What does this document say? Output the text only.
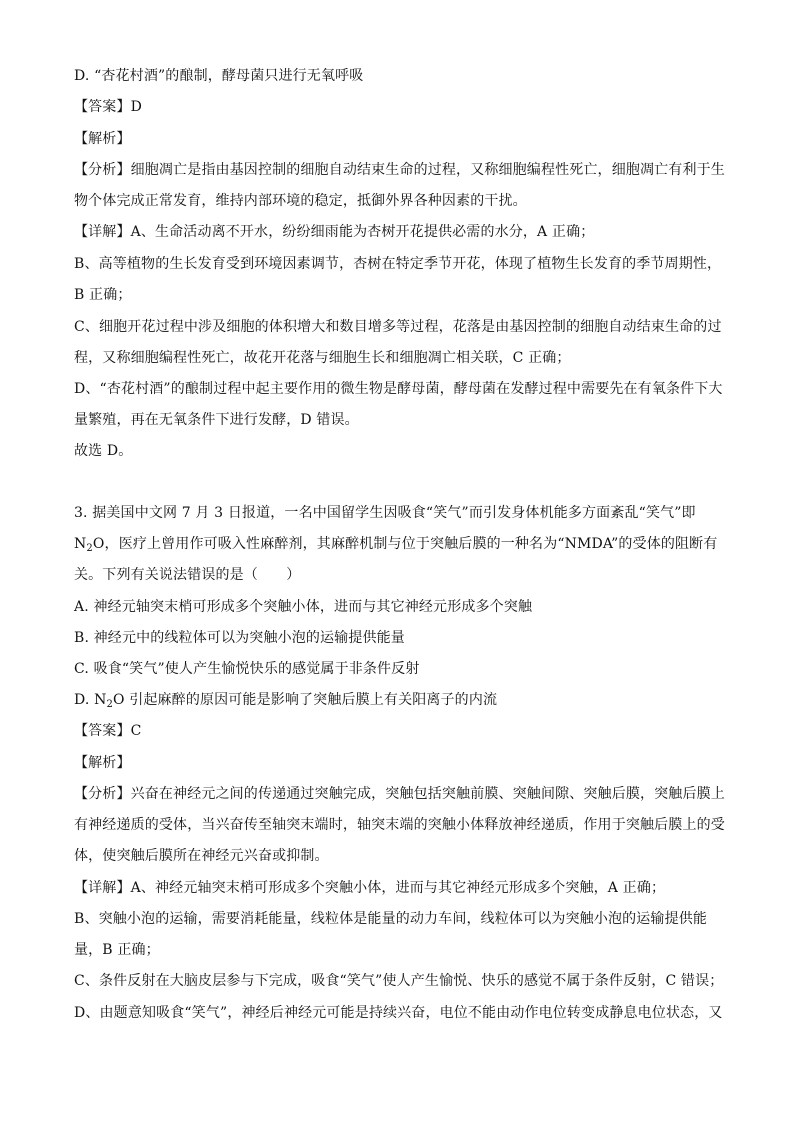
D. “杏花村酒”的酿制，酵母菌只进行无氧呼吸
【答案】D
【解析】
【分析】细胞凋亡是指由基因控制的细胞自动结束生命的过程，又称细胞编程性死亡，细胞凋亡有利于生
物个体完成正常发育，维持内部环境的稳定，抵御外界各种因素的干扰。
【详解】A、生命活动离不开水，纷纷细雨能为杏树开花提供必需的水分，A 正确；
B、高等植物的生长发育受到环境因素调节，杏树在特定季节开花，体现了植物生长发育的季节周期性，
B 正确；
C、细胞开花过程中涉及细胞的体积增大和数目增多等过程，花落是由基因控制的细胞自动结束生命的过
程，又称细胞编程性死亡，故花开花落与细胞生长和细胞凋亡相关联，C 正确；
D、“杏花村酒”的酿制过程中起主要作用的微生物是酵母菌，酵母菌在发酵过程中需要先在有氧条件下大
量繁殖，再在无氧条件下进行发酵，D 错误。
故选 D。
3. 据美国中文网 7 月 3 日报道，一名中国留学生因吸食“笑气”而引发身体机能多方面紊乱“笑气”即
$N_2O$，医疗上曾用作可吸入性麻醉剂，其麻醉机制与位于突触后膜的一种名为“NMDA”的受体的阻断有
关。下列有关说法错误的是（　　）
A. 神经元轴突末梢可形成多个突触小体，进而与其它神经元形成多个突触
B. 神经元中的线粒体可以为突触小泡的运输提供能量
C. 吸食“笑气”使人产生愉悦快乐的感觉属于非条件反射
D. $N_2O$ 引起麻醉的原因可能是影响了突触后膜上有关阳离子的内流
【答案】C
【解析】
【分析】兴奋在神经元之间的传递通过突触完成，突触包括突触前膜、突触间隙、突触后膜，突触后膜上
有神经递质的受体，当兴奋传至轴突末端时，轴突末端的突触小体释放神经递质，作用于突触后膜上的受
体，使突触后膜所在神经元兴奋或抑制。
【详解】A、神经元轴突末梢可形成多个突触小体，进而与其它神经元形成多个突触，A 正确；
B、突触小泡的运输，需要消耗能量，线粒体是能量的动力车间，线粒体可以为突触小泡的运输提供能
量，B 正确；
C、条件反射在大脑皮层参与下完成，吸食“笑气”使人产生愉悦、快乐的感觉不属于条件反射，C 错误；
D、由题意知吸食“笑气”，神经后神经元可能是持续兴奋，电位不能由动作电位转变成静息电位状态，又
